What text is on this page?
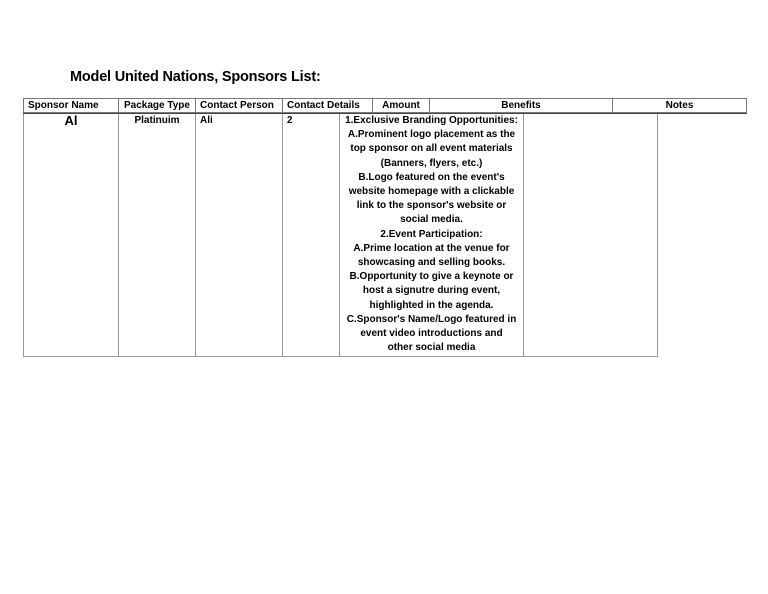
Model United Nations, Sponsors List:
Sponsor Name	Package Type	Contact Person	Contact Details	Amount	Benefits	Notes
Al	Platinuim	Ali	2	1.Exclusive Branding Opportunities:
A.Prominent logo placement as the
top sponsor on all event materials
(Banners, flyers, etc.)
B.Logo featured on the event's
website homepage with a clickable
link to the sponsor's website or
social media.
2.Event Participation:
A.Prime location at the venue for
showcasing and selling books.
B.Opportunity to give a keynote or
host a signutre during event,
highlighted in the agenda.
C.Sponsor's Name/Logo featured in
event video introductions and
other social media
